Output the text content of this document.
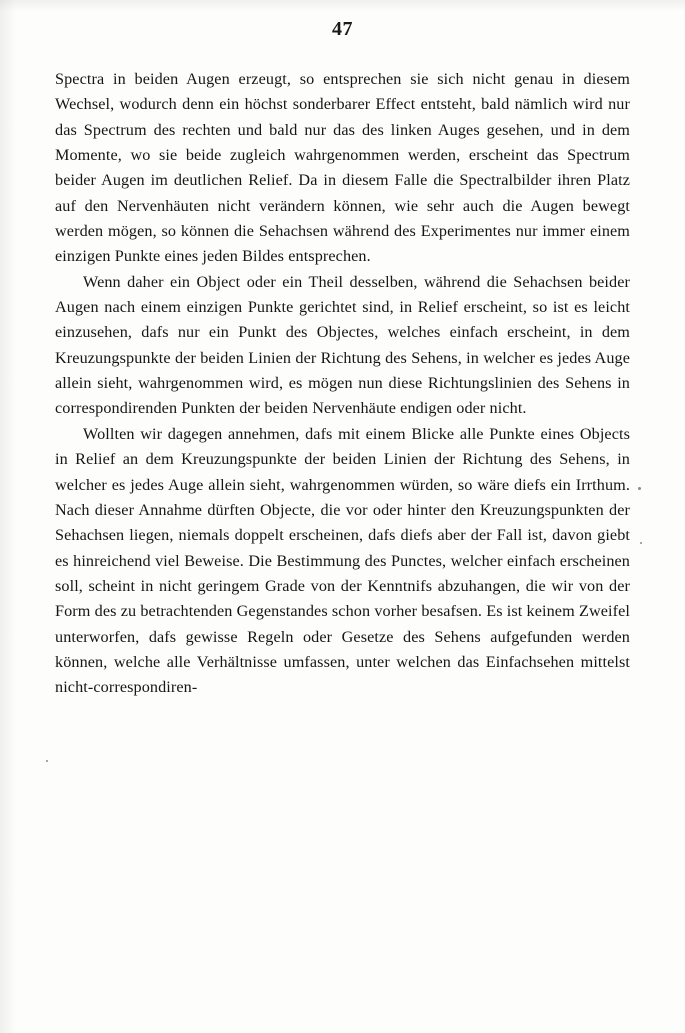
47

Spectra in beiden Augen erzeugt, so entsprechen sie sich nicht genau in diesem Wechsel, wodurch denn ein höchst sonderbarer Effect entsteht, bald nämlich wird nur das Spectrum des rechten und bald nur das des linken Auges gesehen, und in dem Momente, wo sie beide zugleich wahrgenommen werden, erscheint das Spectrum beider Augen im deutlichen Relief. Da in diesem Falle die Spectralbilder ihren Platz auf den Nervenhäuten nicht verändern können, wie sehr auch die Augen bewegt werden mögen, so können die Sehachsen während des Experimentes nur immer einem einzigen Punkte eines jeden Bildes entsprechen.

Wenn daher ein Object oder ein Theil desselben, während die Sehachsen beider Augen nach einem einzigen Punkte gerichtet sind, in Relief erscheint, so ist es leicht einzusehen, dafs nur ein Punkt des Objectes, welches einfach erscheint, in dem Kreuzungspunkte der beiden Linien der Richtung des Sehens, in welcher es jedes Auge allein sieht, wahrgenommen wird, es mögen nun diese Richtungslinien des Sehens in correspondirenden Punkten der beiden Nervenhäute endigen oder nicht.

Wollten wir dagegen annehmen, dafs mit einem Blicke alle Punkte eines Objects in Relief an dem Kreuzungspunkte der beiden Linien der Richtung des Sehens, in welcher es jedes Auge allein sieht, wahrgenommen würden, so wäre diefs ein Irrthum. Nach dieser Annahme dürften Objecte, die vor oder hinter den Kreuzungspunkten der Sehachsen liegen, niemals doppelt erscheinen, dafs diefs aber der Fall ist, davon giebt es hinreichend viel Beweise. Die Bestimmung des Punctes, welcher einfach erscheinen soll, scheint in nicht geringem Grade von der Kenntnifs abzuhangen, die wir von der Form des zu betrachtenden Gegenstandes schon vorher besafsen. Es ist keinem Zweifel unterworfen, dafs gewisse Regeln oder Gesetze des Sehens aufgefunden werden können, welche alle Verhältnisse umfassen, unter welchen das Einfachsehen mittelst nicht-correspondiren-
